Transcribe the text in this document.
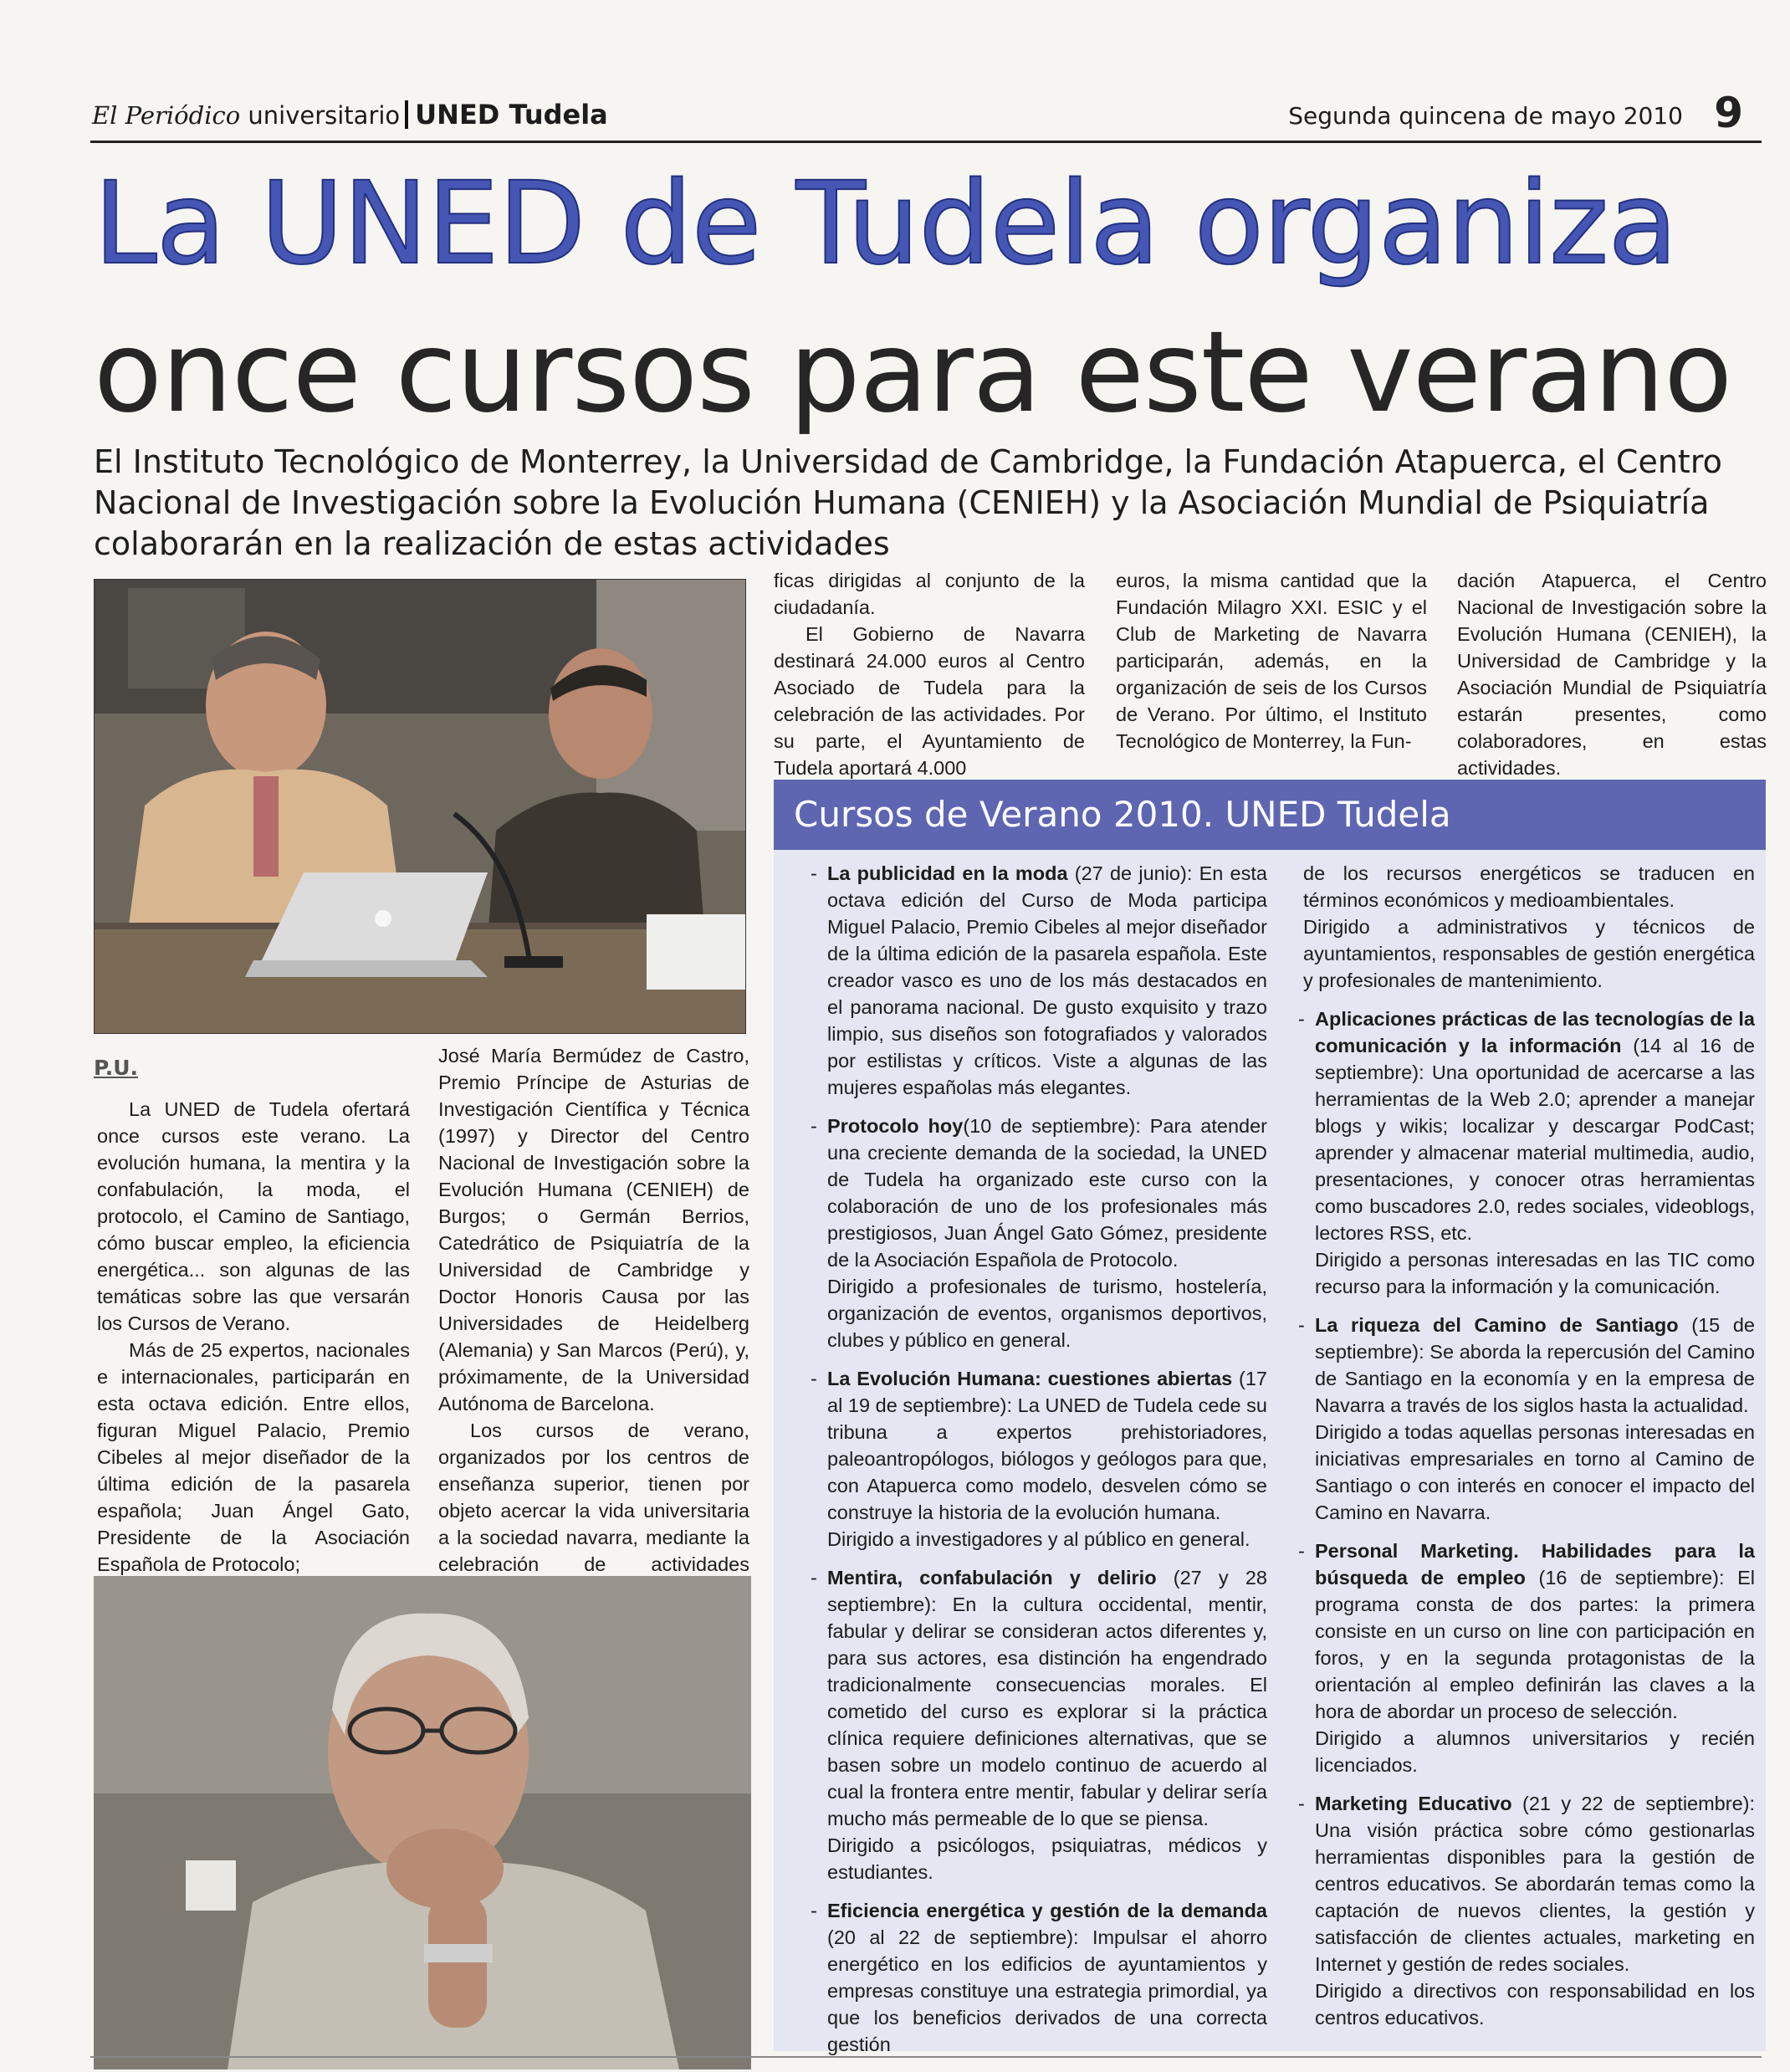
El Periódico universitario UNED Tudela	Segunda quincena de mayo 2010 9
La UNED de Tudela organiza
once cursos para este verano
El Instituto Tecnológico de Monterrey, la Universidad de Cambridge, la Fundación Atapuerca, el Centro Nacional de Investigación sobre la Evolución Humana (CENIEH) y la Asociación Mundial de Psiquiatría colaborarán en la realización de estas actividades
P.U.

La UNED de Tudela ofertará once cursos este verano. La evolución humana, la mentira y la confabulación, la moda, el protocolo, el Camino de Santiago, cómo buscar empleo, la eficiencia energética... son algunas de las temáticas sobre las que versarán los Cursos de Verano.

Más de 25 expertos, nacionales e internacionales, participarán en esta octava edición. Entre ellos, figuran Miguel Palacio, Premio Cibeles al mejor diseñador de la última edición de la pasarela española; Juan Ángel Gato, Presidente de la Asociación Española de Protocolo;

José María Bermúdez de Castro, Premio Príncipe de Asturias de Investigación Científica y Técnica (1997) y Director del Centro Nacional de Investigación sobre la Evolución Humana (CENIEH) de Burgos; o Germán Berrios, Catedrático de Psiquiatría de la Universidad de Cambridge y Doctor Honoris Causa por las Universidades de Heidelberg (Alemania) y San Marcos (Perú), y, próximamente, de la Universidad Autónoma de Barcelona.

Los cursos de verano, organizados por los centros de enseñanza superior, tienen por objeto acercar la vida universitaria a la sociedad navarra, mediante la celebración de actividades

ficas dirigidas al conjunto de la ciudadanía.

El Gobierno de Navarra destinará 24.000 euros al Centro Asociado de Tudela para la celebración de las actividades. Por su parte, el Ayuntamiento de Tudela aportará 4.000

euros, la misma cantidad que la Fundación Milagro XXI. ESIC y el Club de Marketing de Navarra participarán, además, en la organización de seis de los Cursos de Verano. Por último, el Instituto Tecnológico de Monterrey, la Fun-

dación Atapuerca, el Centro Nacional de Investigación sobre la Evolución Humana (CENIEH), la Universidad de Cambridge y la Asociación Mundial de Psiquiatría estarán presentes, como colaboradores, en estas actividades.

Cursos de Verano 2010. UNED Tudela
- La publicidad en la moda (27 de junio): En esta octava edición del Curso de Moda participa Miguel Palacio, Premio Cibeles al mejor diseñador de la última edición de la pasarela española. Este creador vasco es uno de los más destacados en el panorama nacional. De gusto exquisito y trazo limpio, sus diseños son fotografiados y valorados por estilistas y críticos. Viste a algunas de las mujeres españolas más elegantes.
- Protocolo hoy(10 de septiembre): Para atender una creciente demanda de la sociedad, la UNED de Tudela ha organizado este curso con la colaboración de uno de los profesionales más prestigiosos, Juan Ángel Gato Gómez, presidente de la Asociación Española de Protocolo.
Dirigido a profesionales de turismo, hostelería, organización de eventos, organismos deportivos, clubes y público en general.
- La Evolución Humana: cuestiones abiertas (17 al 19 de septiembre): La UNED de Tudela cede su tribuna a expertos prehistoriadores, paleoantropólogos, biólogos y geólogos para que, con Atapuerca como modelo, desvelen cómo se construye la historia de la evolución humana.
Dirigido a investigadores y al público en general.
- Mentira, confabulación y delirio (27 y 28 septiembre): En la cultura occidental, mentir, fabular y delirar se consideran actos diferentes y, para sus actores, esa distinción ha engendrado tradicionalmente consecuencias morales. El cometido del curso es explorar si la práctica clínica requiere definiciones alternativas, que se basen sobre un modelo continuo de acuerdo al cual la frontera entre mentir, fabular y delirar sería mucho más permeable de lo que se piensa.
Dirigido a psicólogos, psiquiatras, médicos y estudiantes.
- Eficiencia energética y gestión de la demanda (20 al 22 de septiembre): Impulsar el ahorro energético en los edificios de ayuntamientos y empresas constituye una estrategia primordial, ya que los beneficios derivados de una correcta gestión
de los recursos energéticos se traducen en términos económicos y medioambientales.
Dirigido a administrativos y técnicos de ayuntamientos, responsables de gestión energética y profesionales de mantenimiento.
- Aplicaciones prácticas de las tecnologías de la comunicación y la información (14 al 16 de septiembre): Una oportunidad de acercarse a las herramientas de la Web 2.0; aprender a manejar blogs y wikis; localizar y descargar PodCast; aprender y almacenar material multimedia, audio, presentaciones, y conocer otras herramientas como buscadores 2.0, redes sociales, videoblogs, lectores RSS, etc.
Dirigido a personas interesadas en las TIC como recurso para la información y la comunicación.
- La riqueza del Camino de Santiago (15 de septiembre): Se aborda la repercusión del Camino de Santiago en la economía y en la empresa de Navarra a través de los siglos hasta la actualidad.
Dirigido a todas aquellas personas interesadas en iniciativas empresariales en torno al Camino de Santiago o con interés en conocer el impacto del Camino en Navarra.
- Personal Marketing. Habilidades para la búsqueda de empleo (16 de septiembre): El programa consta de dos partes: la primera consiste en un curso on line con participación en foros, y en la segunda protagonistas de la orientación al empleo definirán las claves a la hora de abordar un proceso de selección.
Dirigido a alumnos universitarios y recién licenciados.
- Marketing Educativo (21 y 22 de septiembre): Una visión práctica sobre cómo gestionarlas herramientas disponibles para la gestión de centros educativos. Se abordarán temas como la captación de nuevos clientes, la gestión y satisfacción de clientes actuales, marketing en Internet y gestión de redes sociales.
Dirigido a directivos con responsabilidad en los centros educativos.
